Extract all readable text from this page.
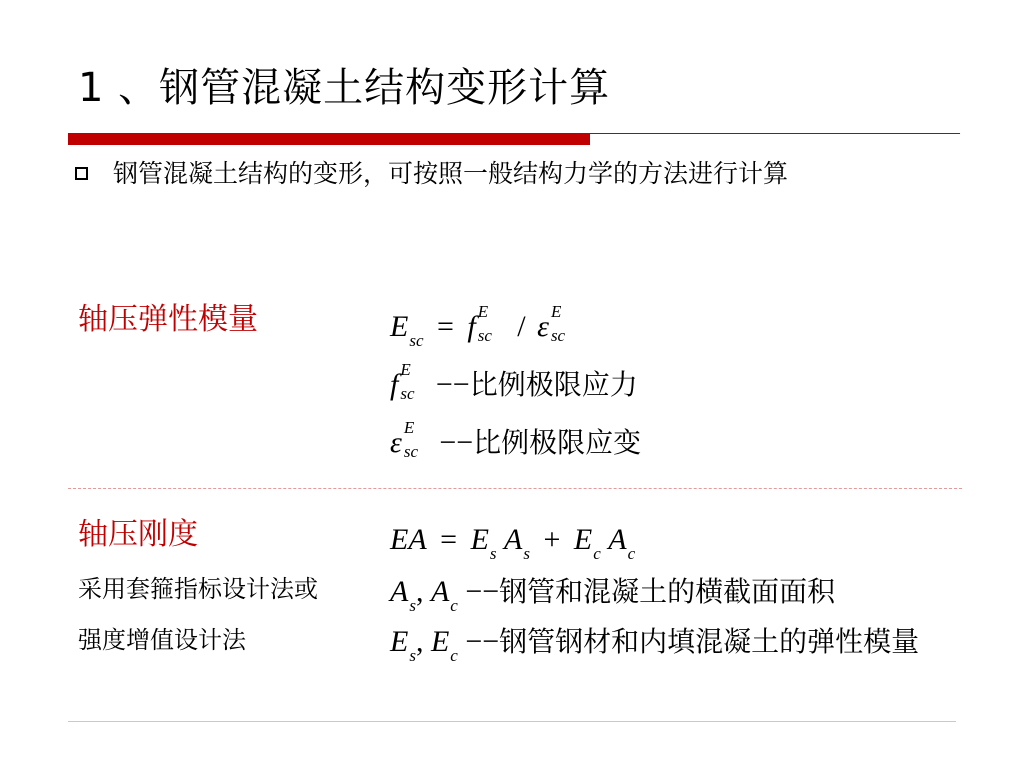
1 、钢管混凝土结构变形计算
钢管混凝土结构的变形，可按照一般结构力学的方法进行计算
轴压弹性模量	$E_{sc} = f$ E
sc / ε E
sc
f E
sc −−比例极限应力
ε E
sc −−比例极限应变
轴压刚度
采用套箍指标设计法或
强度增值设计法
EA = $E_s$ $A_s + E_c$ $A_c$
$A_s$, $A_c$ −−钢管和混凝土的横截面面积
$E_s$, $E_c$ −−钢管钢材和内填混凝土的弹性模量
